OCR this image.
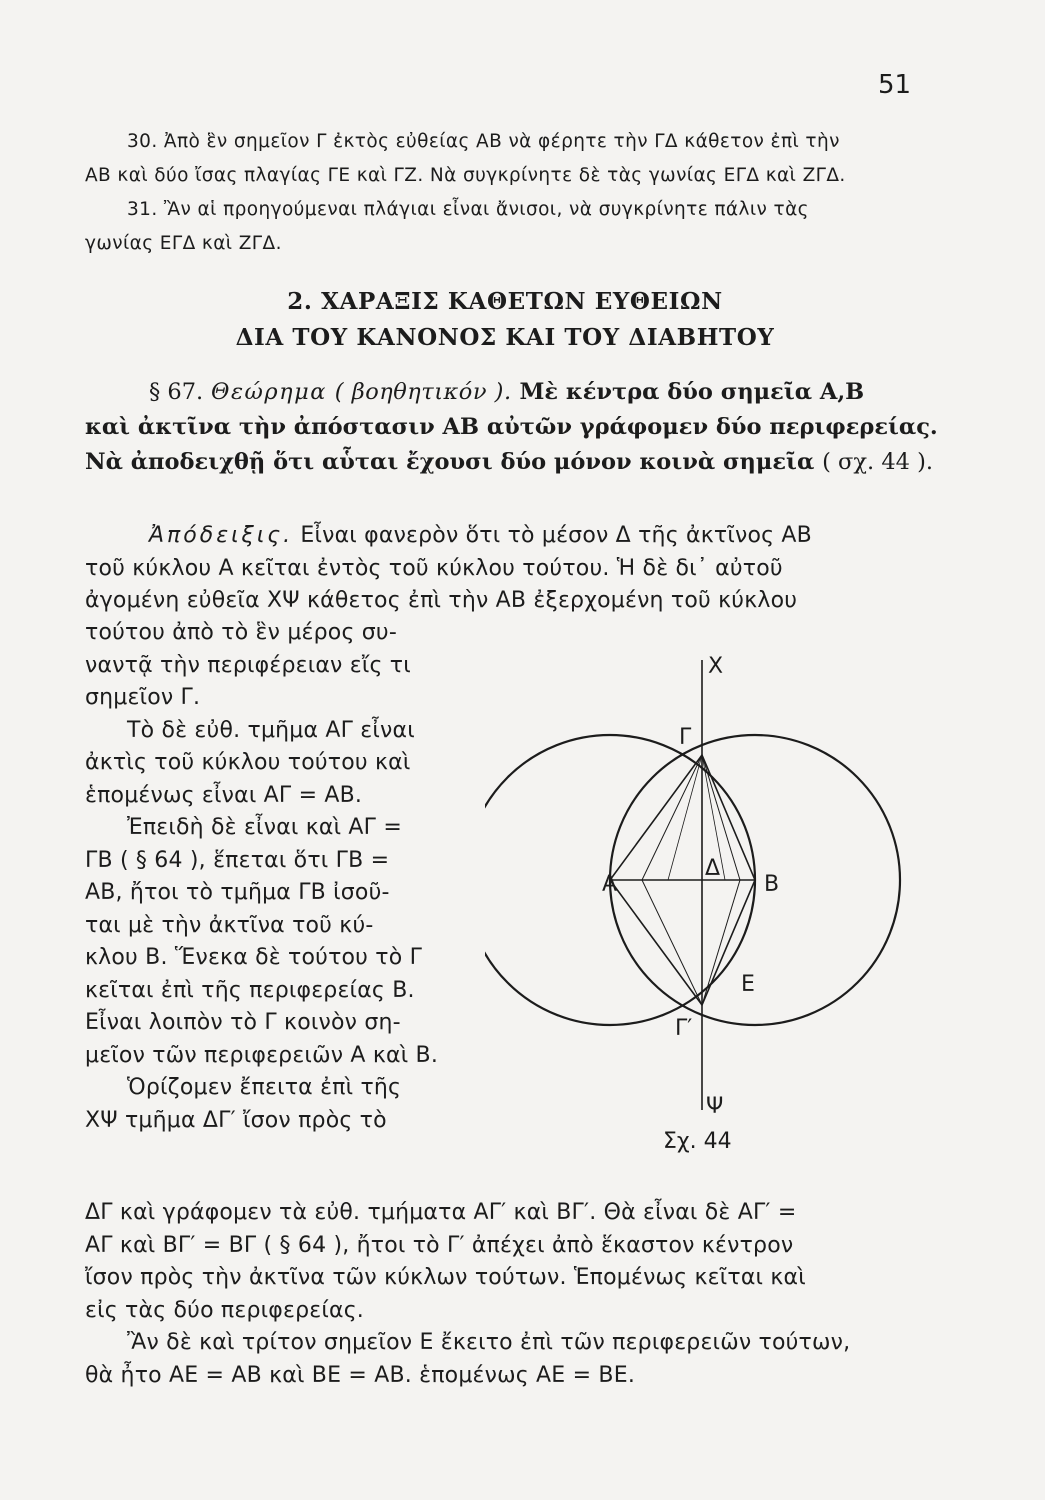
51
30. Ἀπὸ ἓν σημεῖον Γ ἐκτὸς εὐθείας ΑΒ νὰ φέρητε τὴν ΓΔ κάθετον ἐπὶ τὴν
ΑΒ καὶ δύο ἴσας πλαγίας ΓΕ καὶ ΓΖ. Νὰ συγκρίνητε δὲ τὰς γωνίας ΕΓΔ καὶ ΖΓΔ.
31. Ἂν αἱ προηγούμεναι πλάγιαι εἶναι ἄνισοι, νὰ συγκρίνητε πάλιν τὰς
γωνίας ΕΓΔ καὶ ΖΓΔ.
2. ΧΑΡΑΞΙΣ ΚΑΘΕΤΩΝ ΕΥΘΕΙΩΝ
ΔΙΑ ΤΟΥ ΚΑΝΟΝΟΣ ΚΑΙ ΤΟΥ ΔΙΑΒΗΤΟΥ
§ 67. Θεώρημα ( βοηθητικόν ). Μὲ κέντρα δύο σημεῖα Α,Β
καὶ ἀκτῖνα τὴν ἀπόστασιν ΑΒ αὐτῶν γράφομεν δύο περιφερείας.
Νὰ ἀποδειχθῇ ὅτι αὗται ἔχουσι δύο μόνον κοινὰ σημεῖα ( σχ. 44 ).
Ἀπόδειξις. Εἶναι φανερὸν ὅτι τὸ μέσον Δ τῆς ἀκτῖνος ΑΒ
τοῦ κύκλου Α κεῖται ἐντὸς τοῦ κύκλου τούτου. Ἡ δὲ δι᾽ αὐτοῦ
ἀγομένη εὐθεῖα ΧΨ κάθετος ἐπὶ τὴν ΑΒ ἐξερχομένη τοῦ κύκλου
τούτου ἀπὸ τὸ ἓν μέρος συ-
ναντᾷ τὴν περιφέρειαν εἴς τι
σημεῖον Γ.
Τὸ δὲ εὐθ. τμῆμα ΑΓ εἶναι
ἀκτὶς τοῦ κύκλου τούτου καὶ
ἑπομένως εἶναι ΑΓ = ΑΒ.
Ἐπειδὴ δὲ εἶναι καὶ ΑΓ =
ΓΒ ( § 64 ), ἕπεται ὅτι ΓΒ =
ΑΒ, ἤτοι τὸ τμῆμα ΓΒ ἰσοῦ-
ται μὲ τὴν ἀκτῖνα τοῦ κύ-
κλου Β. Ἕνεκα δὲ τούτου τὸ Γ
κεῖται ἐπὶ τῆς περιφερείας Β.
Εἶναι λοιπὸν τὸ Γ κοινὸν ση-
μεῖον τῶν περιφερειῶν Α καὶ Β.
Ὁρίζομεν ἔπειτα ἐπὶ τῆς
ΧΨ τμῆμα ΔΓ′ ἴσον πρὸς τὸ
ΔΓ καὶ γράφομεν τὰ εὐθ. τμήματα ΑΓ′ καὶ ΒΓ′. Θὰ εἶναι δὲ ΑΓ′ =
ΑΓ καὶ ΒΓ′ = ΒΓ ( § 64 ), ἤτοι τὸ Γ′ ἀπέχει ἀπὸ ἕκαστον κέντρον
ἴσον πρὸς τὴν ἀκτῖνα τῶν κύκλων τούτων. Ἑπομένως κεῖται καὶ
εἰς τὰς δύο περιφερείας.
Ἂν δὲ καὶ τρίτον σημεῖον Ε ἔκειτο ἐπὶ τῶν περιφερειῶν τούτων,
θὰ ἦτο ΑΕ = ΑΒ καὶ ΒΕ = ΑΒ. ἑπομένως ΑΕ = ΒΕ.
Χ
Γ
Δ
Α	Β
Ε
Γ′
Ψ
Σχ. 44
